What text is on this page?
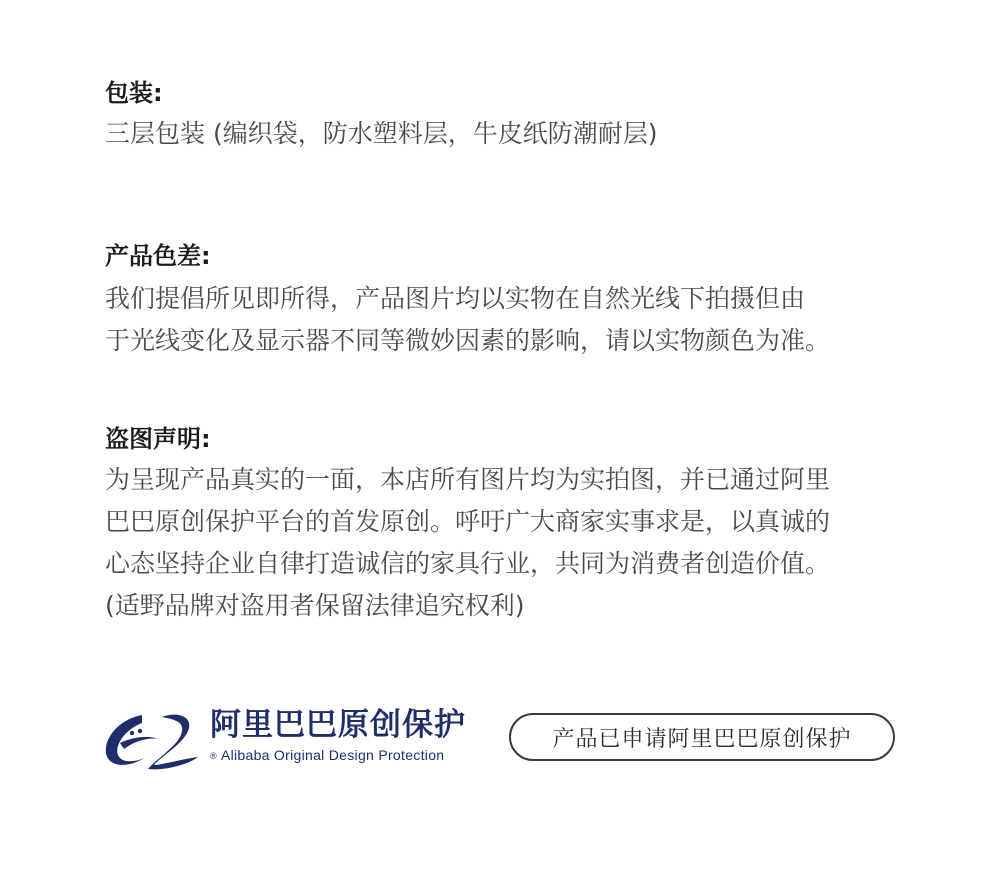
包装:
三层包装 (编织袋，防水塑料层，牛皮纸防潮耐层)
产品色差:
我们提倡所见即所得，产品图片均以实物在自然光线下拍摄但由
于光线变化及显示器不同等微妙因素的影响，请以实物颜色为准。
盗图声明:
为呈现产品真实的一面，本店所有图片均为实拍图，并已通过阿里
巴巴原创保护平台的首发原创。呼吁广大商家实事求是，以真诚的
心态坚持企业自律打造诚信的家具行业，共同为消费者创造价值。
(适野品牌对盗用者保留法律追究权利)
阿里巴巴原创保护
® Alibaba Original Design Protection
产品已申请阿里巴巴原创保护
